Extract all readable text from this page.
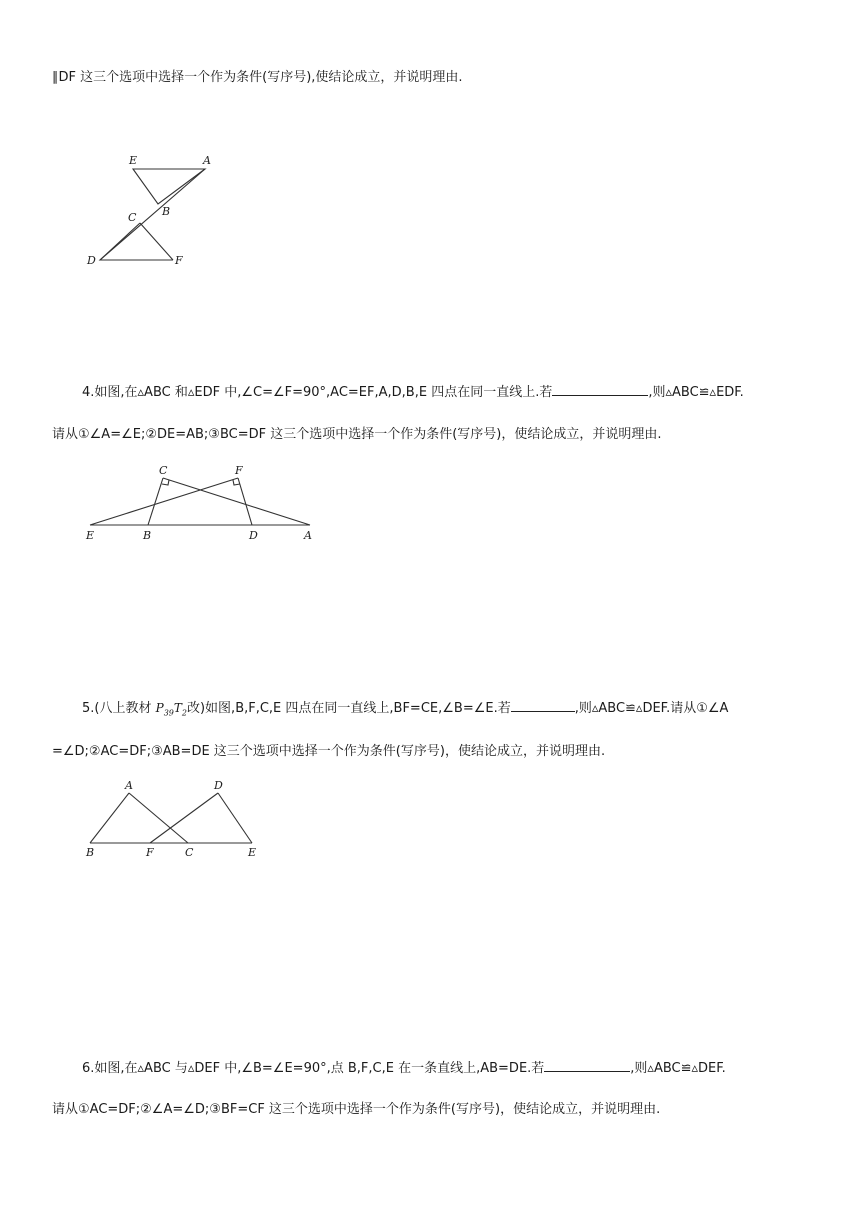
∥DF 这三个选项中选择一个作为条件(写序号),使结论成立，并说明理由.
E	A
B
C
D	F
4.如图,在▵ABC 和▵EDF 中,∠C=∠F=90°,AC=EF,A,D,B,E 四点在同一直线上.若	,则▵ABC≌▵EDF.
请从①∠A=∠E;②DE=AB;③BC=DF 这三个选项中选择一个作为条件(写序号)，使结论成立，并说明理由.
C	F
E	B	D	A
5.(八上教材 $P_{39}T_2$改)如图,B,F,C,E 四点在同一直线上,BF=CE,∠B=∠E.若	,则▵ABC≌▵DEF.请从①∠A
=∠D;②AC=DF;③AB=DE 这三个选项中选择一个作为条件(写序号)，使结论成立，并说明理由.
A	D
B	F	C	E
6.如图,在▵ABC 与▵DEF 中,∠B=∠E=90°,点 B,F,C,E 在一条直线上,AB=DE.若	,则▵ABC≌▵DEF.
请从①AC=DF;②∠A=∠D;③BF=CF 这三个选项中选择一个作为条件(写序号)，使结论成立，并说明理由.
